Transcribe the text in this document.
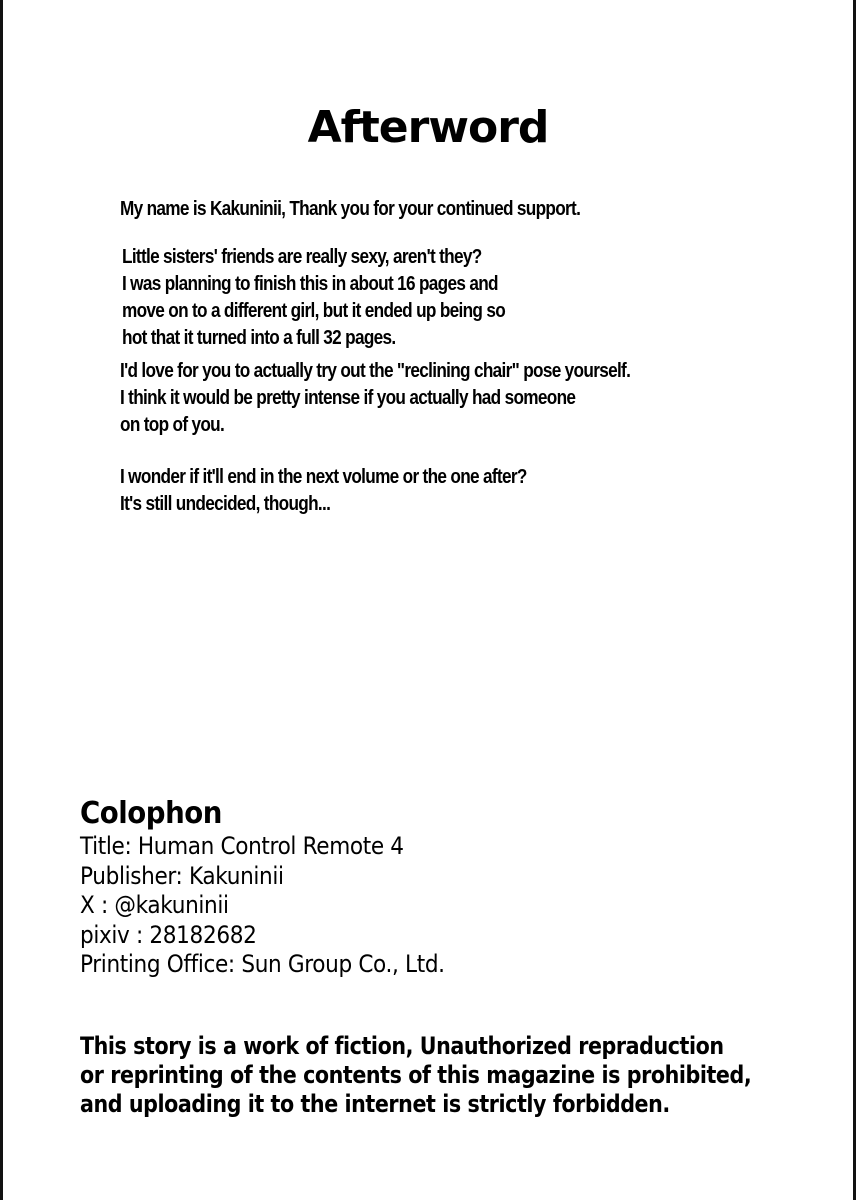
Afterword

My name is Kakuninii, Thank you for your continued support.

Little sisters' friends are really sexy, aren't they?
I was planning to finish this in about 16 pages and
move on to a different girl, but it ended up being so
hot that it turned into a full 32 pages.

I'd love for you to actually try out the "reclining chair" pose yourself.
I think it would be pretty intense if you actually had someone
on top of you.

I wonder if it'll end in the next volume or the one after?
It's still undecided, though...

Colophon
Title: Human Control Remote 4
Publisher: Kakuninii
X : @kakuninii
pixiv : 28182682
Printing Office: Sun Group Co., Ltd.

This story is a work of fiction, Unauthorized repraduction
or reprinting of the contents of this magazine is prohibited,
and uploading it to the internet is strictly forbidden.
